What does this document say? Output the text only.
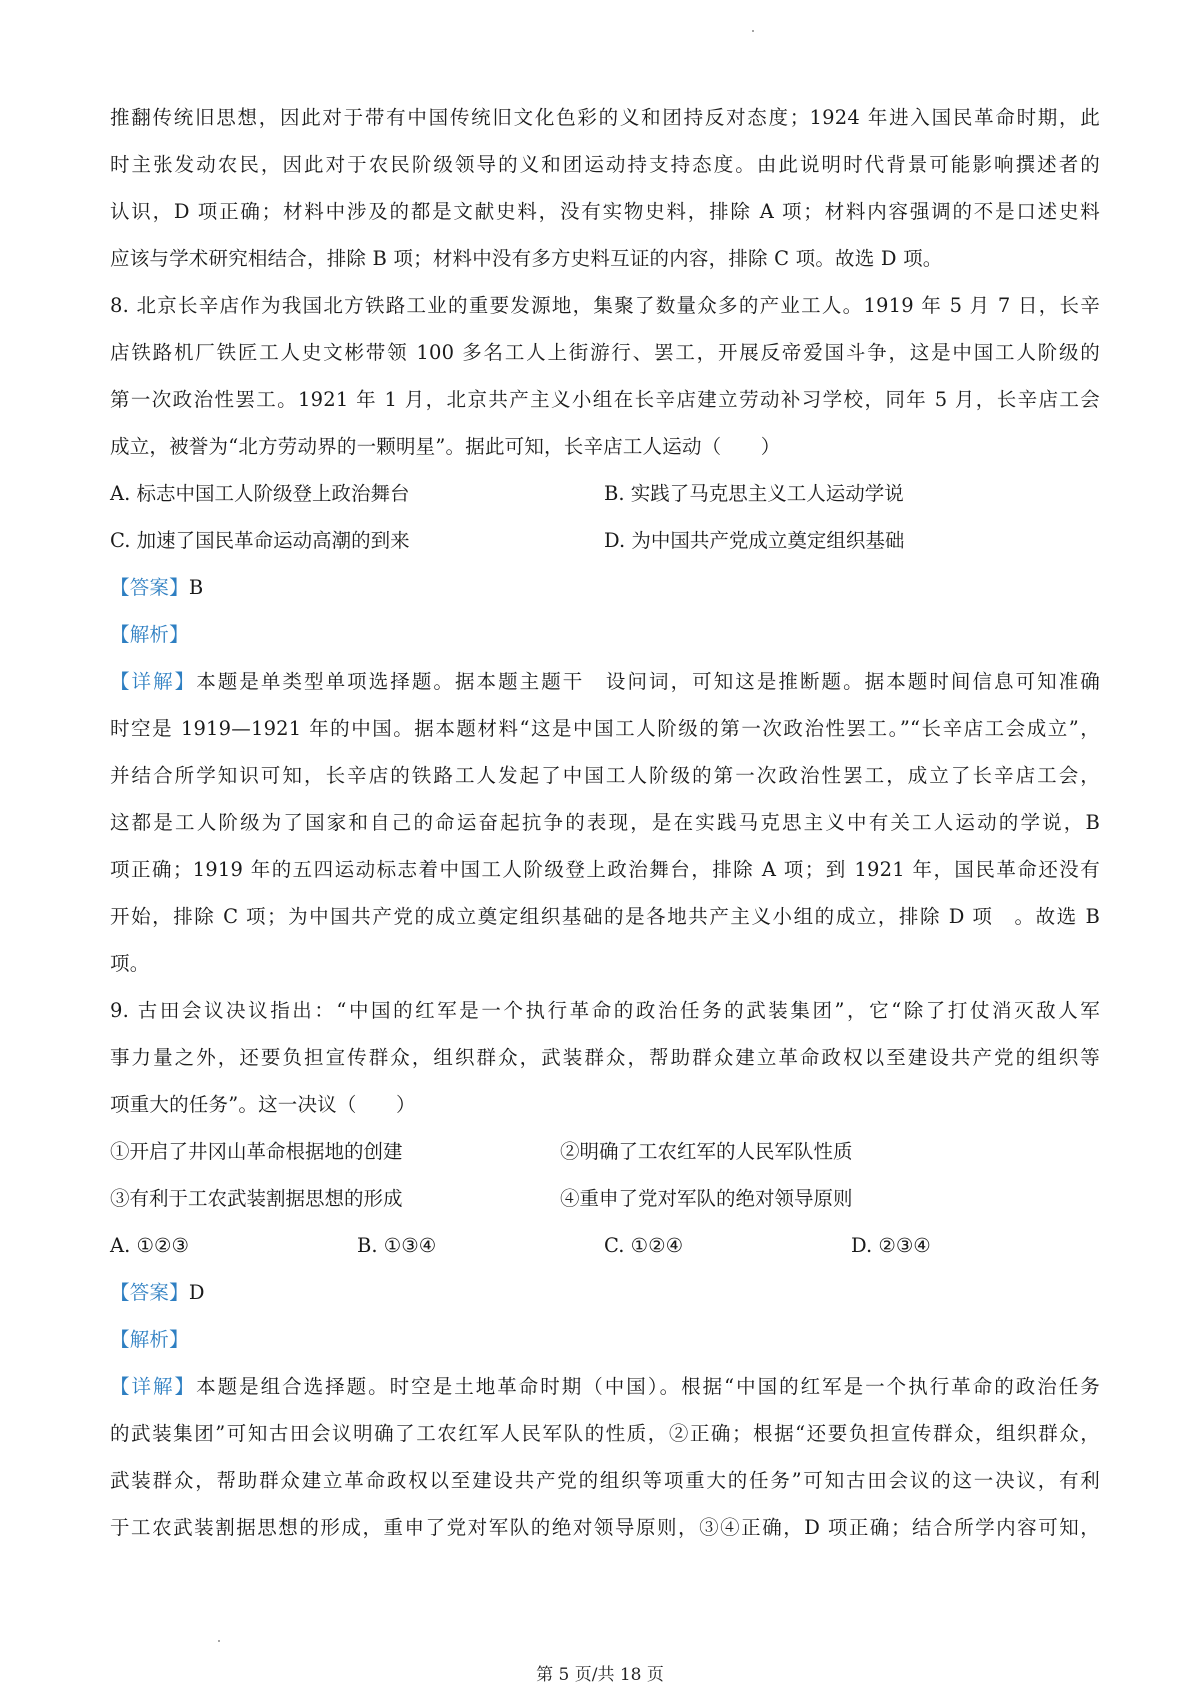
推翻传统旧思想，因此对于带有中国传统旧文化色彩的义和团持反对态度；1924 年进入国民革命时期，此
时主张发动农民，因此对于农民阶级领导的义和团运动持支持态度。由此说明时代背景可能影响撰述者的
认识，D 项正确；材料中涉及的都是文献史料，没有实物史料，排除 A 项；材料内容强调的不是口述史料
应该与学术研究相结合，排除 B 项；材料中没有多方史料互证的内容，排除 C 项。故选 D 项。
8. 北京长辛店作为我国北方铁路工业的重要发源地，集聚了数量众多的产业工人。1919 年 5 月 7 日，长辛
店铁路机厂铁匠工人史文彬带领 100 多名工人上街游行、罢工，开展反帝爱国斗争，这是中国工人阶级的
第一次政治性罢工。1921 年 1 月，北京共产主义小组在长辛店建立劳动补习学校，同年 5 月，长辛店工会
成立，被誉为“北方劳动界的一颗明星”。据此可知，长辛店工人运动（　　）
A. 标志中国工人阶级登上政治舞台	B. 实践了马克思主义工人运动学说
C. 加速了国民革命运动高潮的到来	D. 为中国共产党成立奠定组织基础
【答案】B
【解析】
【详解】本题是单类型单项选择题。据本题主题干　设问词，可知这是推断题。据本题时间信息可知准确
时空是 1919—1921 年的中国。据本题材料“这是中国工人阶级的第一次政治性罢工。”“长辛店工会成立”，
并结合所学知识可知，长辛店的铁路工人发起了中国工人阶级的第一次政治性罢工，成立了长辛店工会，
这都是工人阶级为了国家和自己的命运奋起抗争的表现，是在实践马克思主义中有关工人运动的学说，B
项正确；1919 年的五四运动标志着中国工人阶级登上政治舞台，排除 A 项；到 1921 年，国民革命还没有
开始，排除 C 项；为中国共产党的成立奠定组织基础的是各地共产主义小组的成立，排除 D 项　。故选 B
项。
9. 古田会议决议指出：“中国的红军是一个执行革命的政治任务的武装集团”，它“除了打仗消灭敌人军
事力量之外，还要负担宣传群众，组织群众，武装群众，帮助群众建立革命政权以至建设共产党的组织等
项重大的任务”。这一决议（　　）
①开启了井冈山革命根据地的创建	②明确了工农红军的人民军队性质
③有利于工农武装割据思想的形成	④重申了党对军队的绝对领导原则
A. ①②③	B. ①③④	C. ①②④	D. ②③④
【答案】D
【解析】
【详解】本题是组合选择题。时空是土地革命时期（中国）。根据“中国的红军是一个执行革命的政治任务
的武装集团”可知古田会议明确了工农红军人民军队的性质，②正确；根据“还要负担宣传群众，组织群众，
武装群众，帮助群众建立革命政权以至建设共产党的组织等项重大的任务”可知古田会议的这一决议，有利
于工农武装割据思想的形成，重申了党对军队的绝对领导原则，③④正确，D 项正确；结合所学内容可知，
第 5 页/共 18 页
